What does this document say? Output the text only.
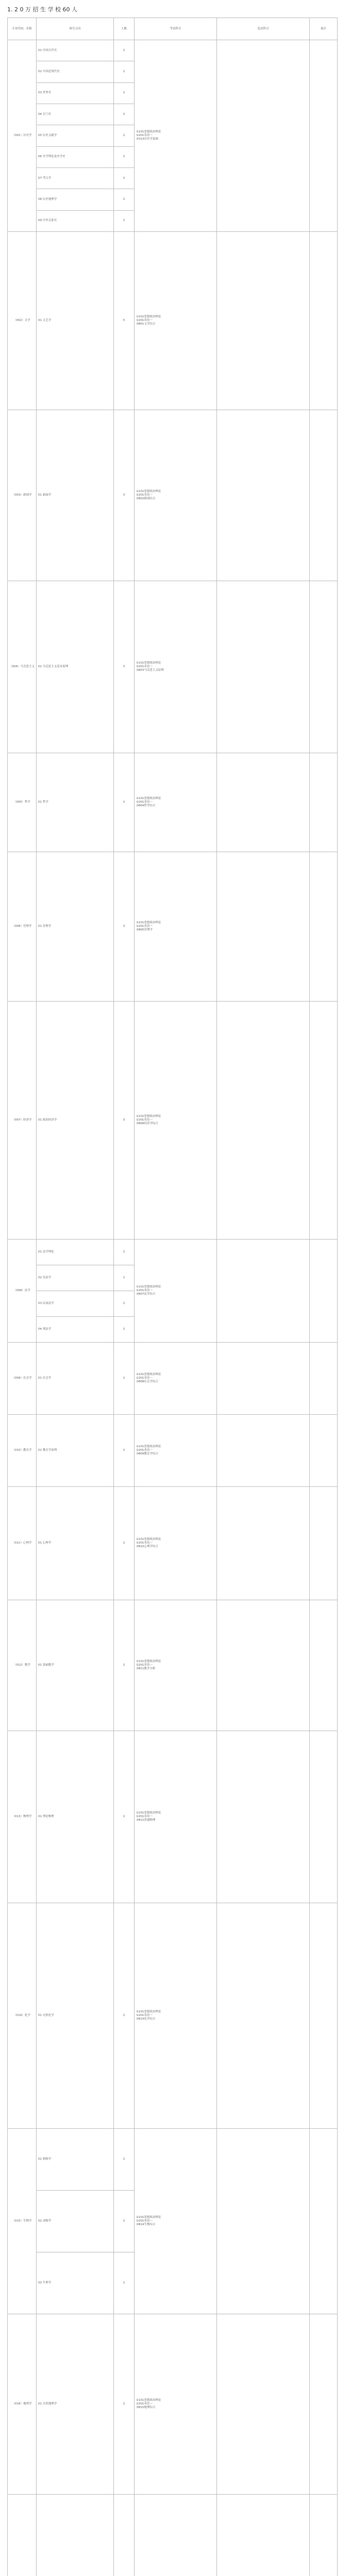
1. 2 0 万 招 生 学 校 60 人
专业代码、名称	研究方向	人数	考试科目	复试科目	备注
（001）历史学	01 中国古代史	2	①101思想政治理论
②201英语一
③313历史学基础		

	02 中国近现代史	2			
	03 世界史	2			
	04 专门史	2			
	05 历史文献学	2			
	06 史学理论及史学史	2			
	07 考古学	2			
	08 历史地理学	2			
	09 中外关系史	2			
（002）文学	01 文艺学	5	①101思想政治理论
②201英语一
③801文学综合		

（003）新闻学	01 新闻学	3	①101思想政治理论
②201英语一
③802新闻综合		

（004）马克思主义	01 马克思主义基本原理	3	①101思想政治理论
②201英语一
③803马克思主义原理		

（005）哲学	01 哲学	2	①101思想政治理论
②201英语一
③804哲学综合		

（006）管理学	01 管理学	3	①101思想政治理论
②201英语一
③805管理学		

（007）经济学	01 政治经济学	3	①101思想政治理论
②201英语一
③806经济学综合		

（008）法学	01 法学理论	2	①101思想政治理论
②201英语一
③807法学综合		

	02 宪法学	2			
	03 民商法学	2			
	04 刑法学	2			
（009）社会学	01 社会学	2	①101思想政治理论
②201英语一
③808社会学综合		

（010）教育学	01 教育学原理	2	①101思想政治理论
②201英语一
③809教育学综合		

（011）心理学	01 心理学	2	①101思想政治理论
②201英语一
③810心理学综合		

（012）数学	01 基础数学	2	①101思想政治理论
②201英语一
③811数学分析		

（013）物理学	01 理论物理	2	①101思想政治理论
②201英语一
③812普通物理		

（014）化学	01 无机化学	2	①101思想政治理论
②201英语一
③813化学综合		

（015）生物学	01 植物学	2	①101思想政治理论
②201英语一
③814生物综合		

	02 动物学	2			
	03 生理学	2			
（016）地理学	01 自然地理学	2	①101思想政治理论
②201英语一
③815地理综合		
